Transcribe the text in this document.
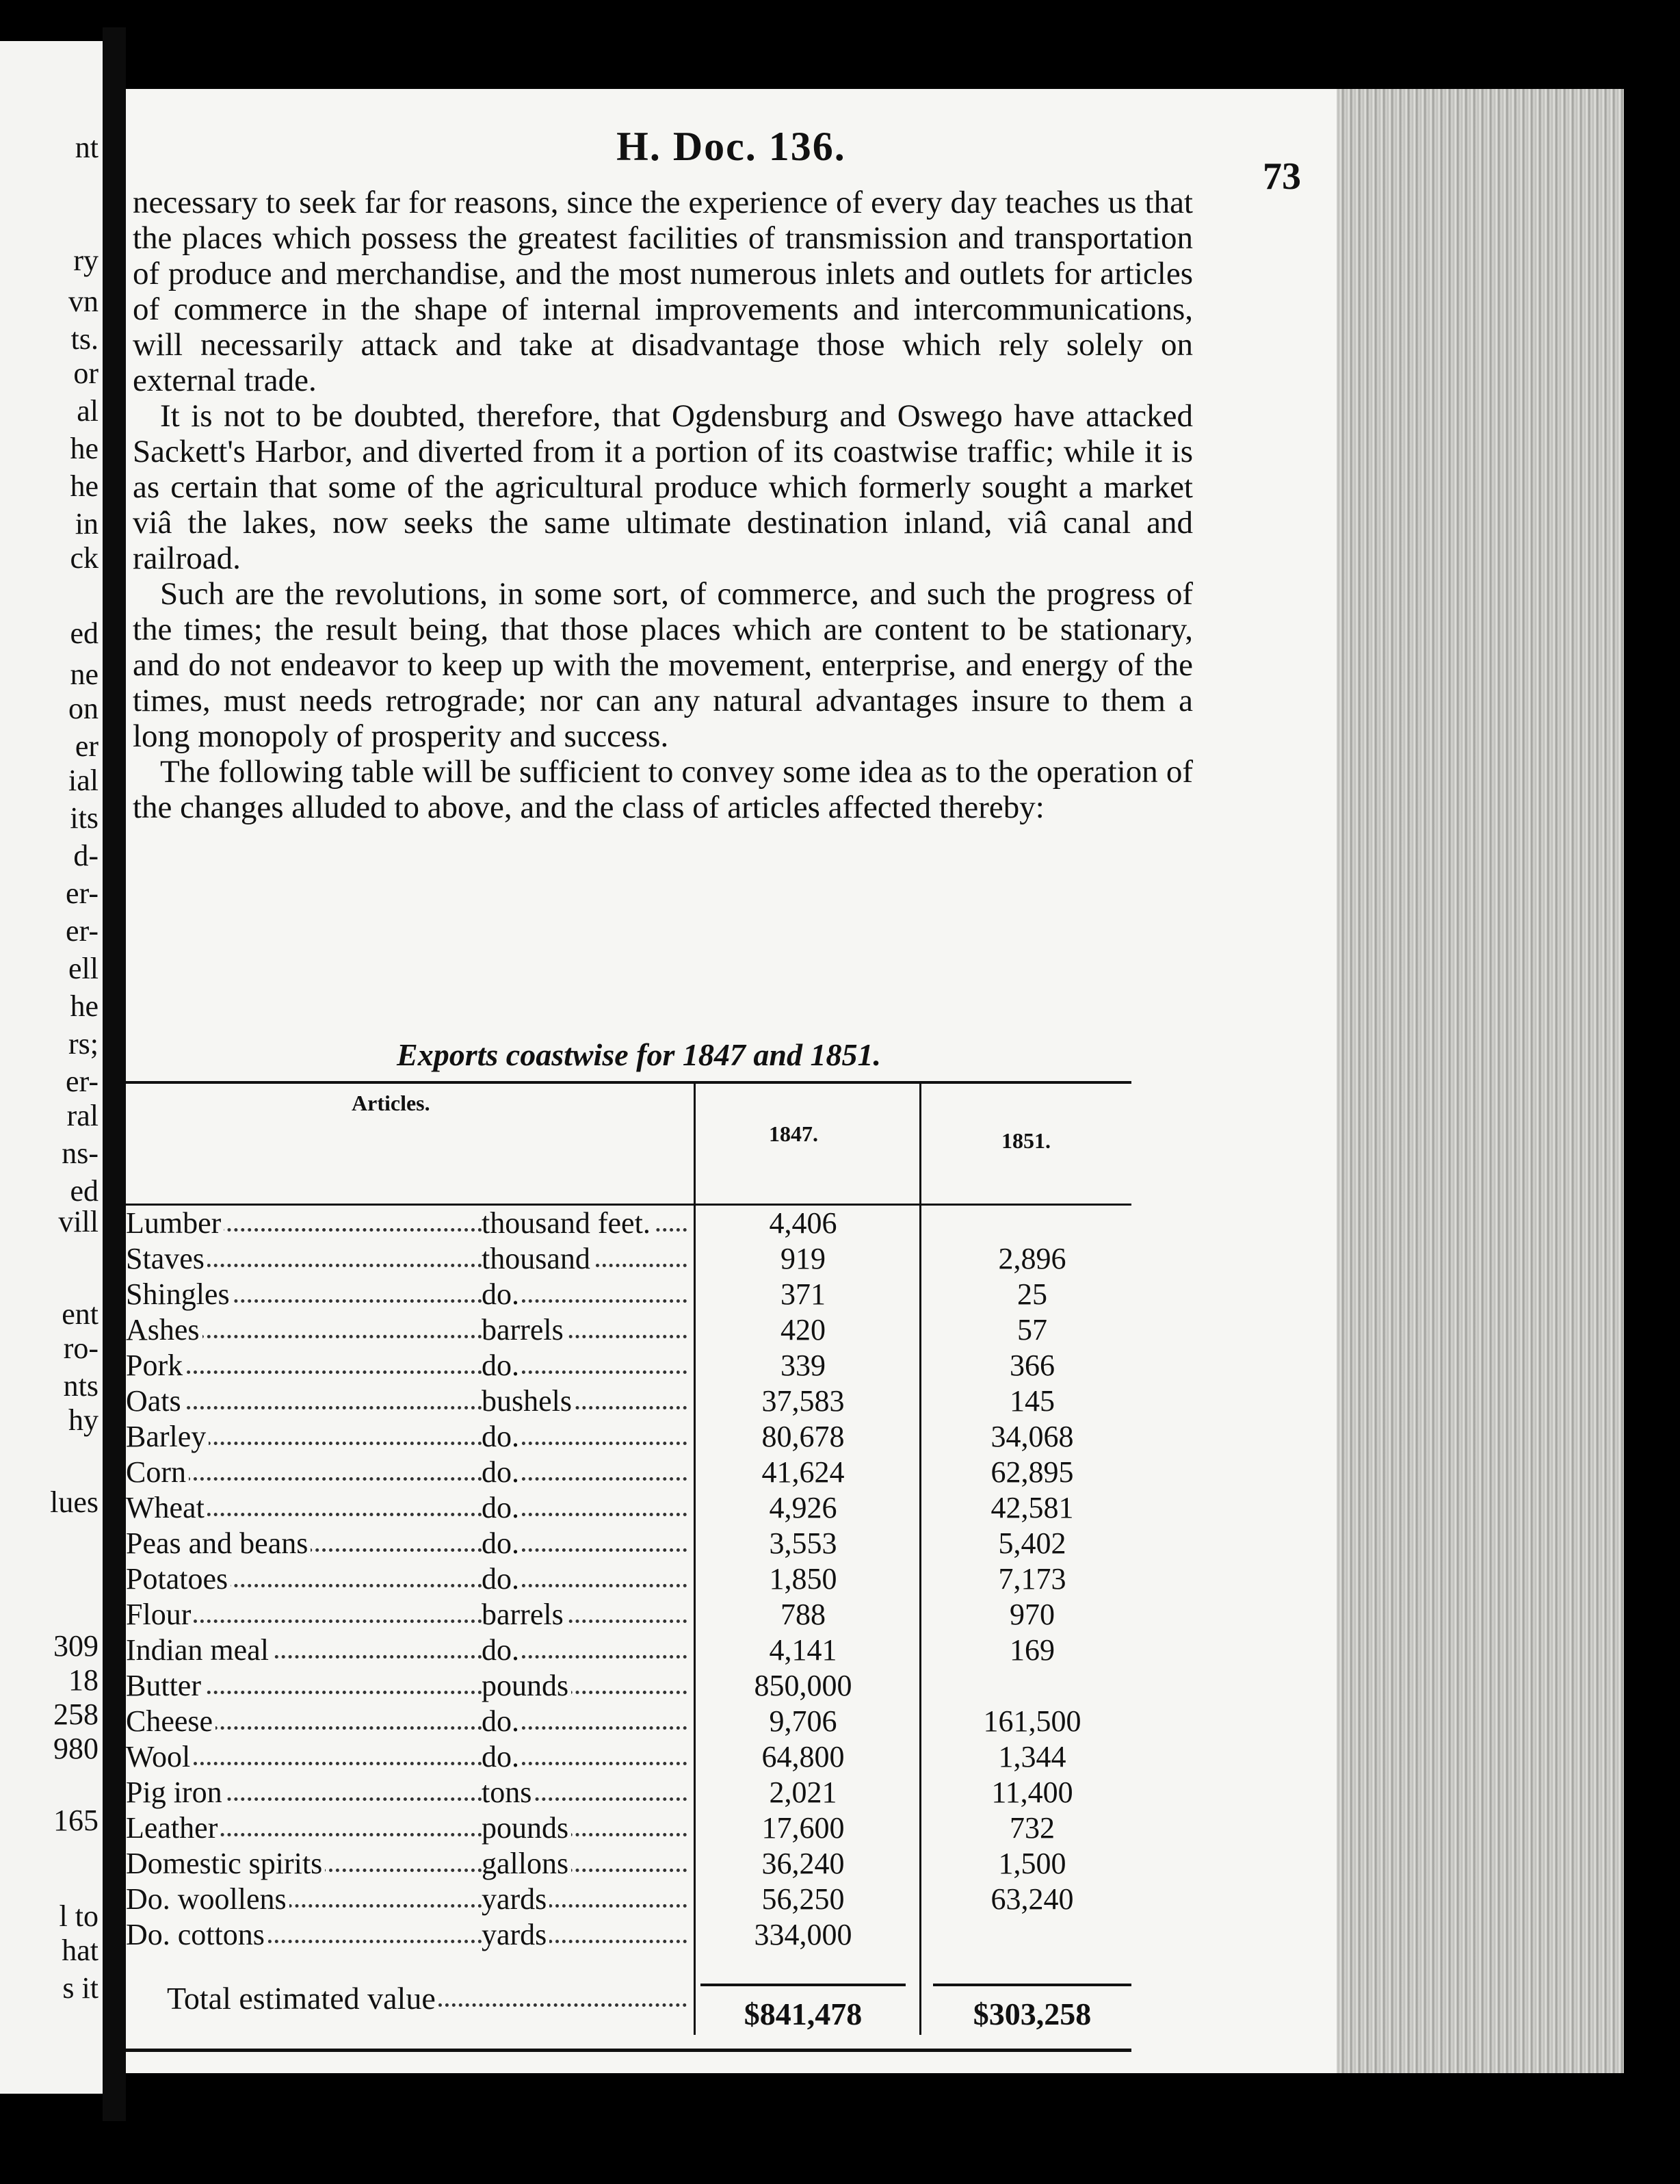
nt
ry
vn
ts.
or
al
he
he
in
ck
ed
ne
on
er
ial
its
d-
er-
er-
ell
he
rs;
er-
ral
ns-
ed
vill
ent
ro-
nts
hy
lues
309
18
258
980
165
l to
hat
s it
H. Doc. 136.
73

necessary to seek far for reasons, since the experience of every day teaches us that the places which possess the greatest facilities of transmission and transportation of produce and merchandise, and the most numerous inlets and outlets for articles of commerce in the shape of internal improvements and intercommunications, will necessarily attack and take at disadvantage those which rely solely on external trade.

It is not to be doubted, therefore, that Ogdensburg and Oswego have attacked Sackett's Harbor, and diverted from it a portion of its coastwise traffic; while it is as certain that some of the agricultural produce which formerly sought a market viâ the lakes, now seeks the same ultimate destination inland, viâ canal and railroad.

Such are the revolutions, in some sort, of commerce, and such the progress of the times; the result being, that those places which are content to be stationary, and do not endeavor to keep up with the movement, enterprise, and energy of the times, must needs retrograde; nor can any natural advantages insure to them a long monopoly of prosperity and success.

The following table will be sufficient to convey some idea as to the operation of the changes alluded to above, and the class of articles affected thereby:

Exports coastwise for 1847 and 1851.
Articles.
1847.	1851.
Lumber	thousand feet.	4,406
Staves	thousand	919	2,896
Shingles	do.	371	25
Ashes	barrels	420	57
Pork	do.	339	366
Oats	bushels	37,583	145
Barley	do.	80,678	34,068
Corn	do.	41,624	62,895
Wheat	do.	4,926	42,581
Peas and beans	do.	3,553	5,402
Potatoes	do.	1,850	7,173
Flour	barrels	788	970
Indian meal	do.	4,141	169
Butter	pounds	850,000
Cheese	do.	9,706	161,500
Wool	do.	64,800	1,344
Pig iron	tons	2,021	11,400
Leather	pounds	17,600	732
Domestic spirits	gallons	36,240	1,500
Do. woollens	yards	56,250	63,240
Do. cottons	yards	334,000
Total estimated value	$841,478	$303,258
